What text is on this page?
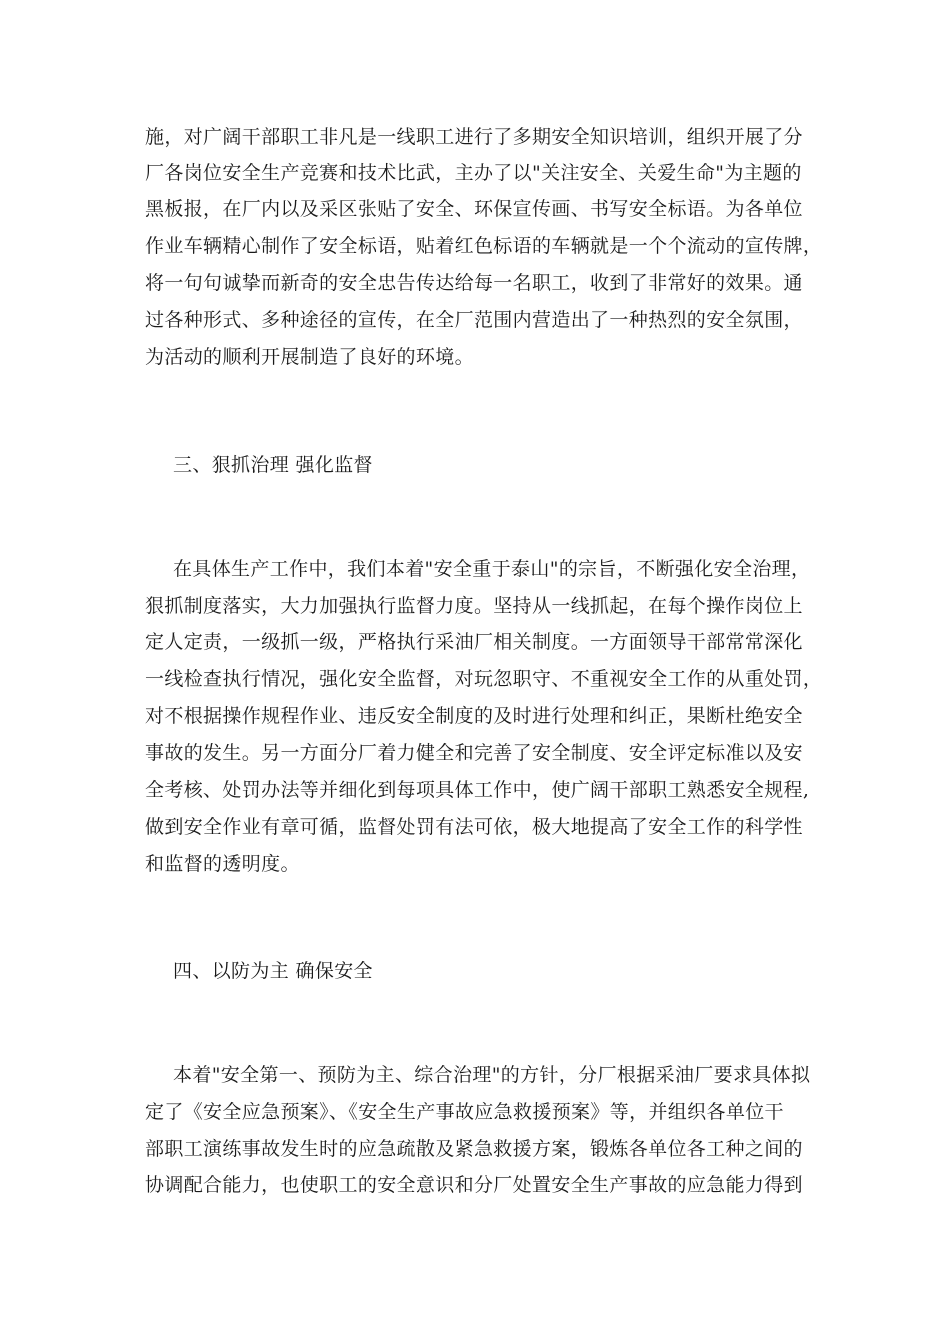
施，对广阔干部职工非凡是一线职工进行了多期安全知识培训，组织开展了分
厂各岗位安全生产竞赛和技术比武，主办了以"关注安全、关爱生命"为主题的
黑板报，在厂内以及采区张贴了安全、环保宣传画、书写安全标语。为各单位
作业车辆精心制作了安全标语，贴着红色标语的车辆就是一个个流动的宣传牌，
将一句句诚挚而新奇的安全忠告传达给每一名职工，收到了非常好的效果。通
过各种形式、多种途径的宣传，在全厂范围内营造出了一种热烈的安全氛围，
为活动的顺利开展制造了良好的环境。
三、狠抓治理 强化监督
在具体生产工作中，我们本着"安全重于泰山"的宗旨，不断强化安全治理，
狠抓制度落实，大力加强执行监督力度。坚持从一线抓起，在每个操作岗位上
定人定责，一级抓一级，严格执行采油厂相关制度。一方面领导干部常常深化
一线检查执行情况，强化安全监督，对玩忽职守、不重视安全工作的从重处罚，
对不根据操作规程作业、违反安全制度的及时进行处理和纠正，果断杜绝安全
事故的发生。另一方面分厂着力健全和完善了安全制度、安全评定标准以及安
全考核、处罚办法等并细化到每项具体工作中，使广阔干部职工熟悉安全规程,
做到安全作业有章可循，监督处罚有法可依，极大地提高了安全工作的科学性
和监督的透明度。
四、以防为主 确保安全
本着"安全第一、预防为主、综合治理"的方针，分厂根据采油厂要求具体拟
定了《安全应急预案》、《安全生产事故应急救援预案》等，并组织各单位干
部职工演练事故发生时的应急疏散及紧急救援方案，锻炼各单位各工种之间的
协调配合能力，也使职工的安全意识和分厂处置安全生产事故的应急能力得到
